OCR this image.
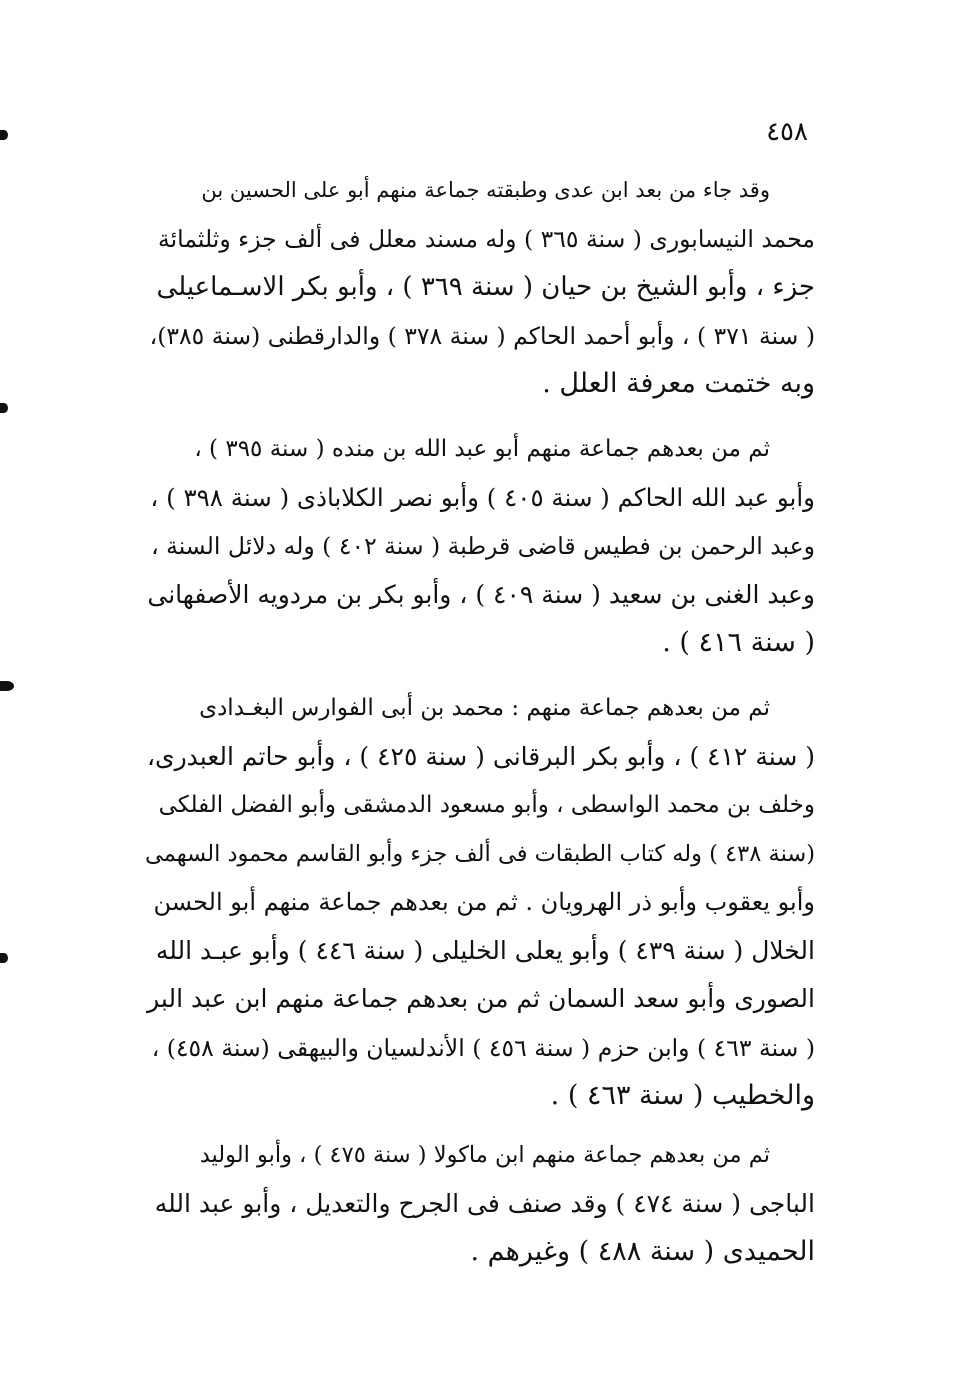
٤٥٨
وقد جاء من بعد ابن عدى وطبقته جماعة منهم أبو على الحسين بن
محمد النيسابورى ( سنة ٣٦٥ ) وله مسند معلل فى ألف جزء وثلثمائة
جزء ، وأبو الشيخ بن حيان ( سنة ٣٦٩ ) ، وأبو بكر الاسـماعيلى
( سنة ٣٧١ ) ، وأبو أحمد الحاكم ( سنة ٣٧٨ ) والدارقطنى (سنة ٣٨٥)،
وبه ختمت معرفة العلل .
ثم من بعدهم جماعة منهم أبو عبد الله بن منده ( سنة ٣٩٥ ) ،
وأبو عبد الله الحاكم ( سنة ٤٠٥ ) وأبو نصر الكلاباذى ( سنة ٣٩٨ ) ،
وعبد الرحمن بن فطيس قاضى قرطبة ( سنة ٤٠٢ ) وله دلائل السنة ،
وعبد الغنى بن سعيد ( سنة ٤٠٩ ) ، وأبو بكر بن مردويه الأصفهانى
( سنة ٤١٦ ) .
ثم من بعدهم جماعة منهم : محمد بن أبى الفوارس البغـدادى
( سنة ٤١٢ ) ، وأبو بكر البرقانى ( سنة ٤٢٥ ) ، وأبو حاتم العبدرى،
وخلف بن محمد الواسطى ، وأبو مسعود الدمشقى وأبو الفضل الفلكى
(سنة ٤٣٨ ) وله كتاب الطبقات فى ألف جزء وأبو القاسم محمود السهمى
وأبو يعقوب وأبو ذر الهرويان . ثم من بعدهم جماعة منهم أبو الحسن
الخلال ( سنة ٤٣٩ ) وأبو يعلى الخليلى ( سنة ٤٤٦ ) وأبو عبـد الله
الصورى وأبو سعد السمان ثم من بعدهم جماعة منهم ابن عبد البر
( سنة ٤٦٣ ) وابن حزم ( سنة ٤٥٦ ) الأندلسيان والبيهقى (سنة ٤٥٨) ،
والخطيب ( سنة ٤٦٣ ) .
ثم من بعدهم جماعة منهم ابن ماكولا ( سنة ٤٧٥ ) ، وأبو الوليد
الباجى ( سنة ٤٧٤ ) وقد صنف فى الجرح والتعديل ، وأبو عبد الله
الحميدى ( سنة ٤٨٨ ) وغيرهم .
